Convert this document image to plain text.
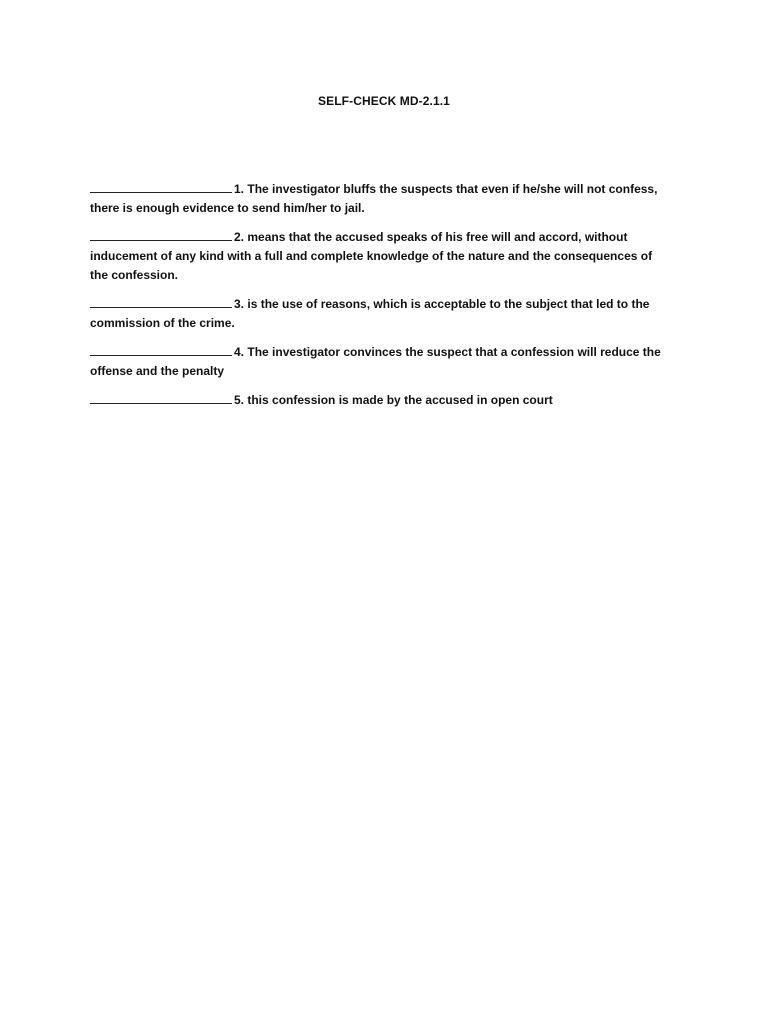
SELF-CHECK MD-2.1.1

1. The investigator bluffs the suspects that even if he/she will not confess, there is enough evidence to send him/her to jail.

2. means that the accused speaks of his free will and accord, without inducement of any kind with a full and complete knowledge of the nature and the consequences of the confession.

3. is the use of reasons, which is acceptable to the subject that led to the commission of the crime.

4. The investigator convinces the suspect that a confession will reduce the offense and the penalty

5. this confession is made by the accused in open court
